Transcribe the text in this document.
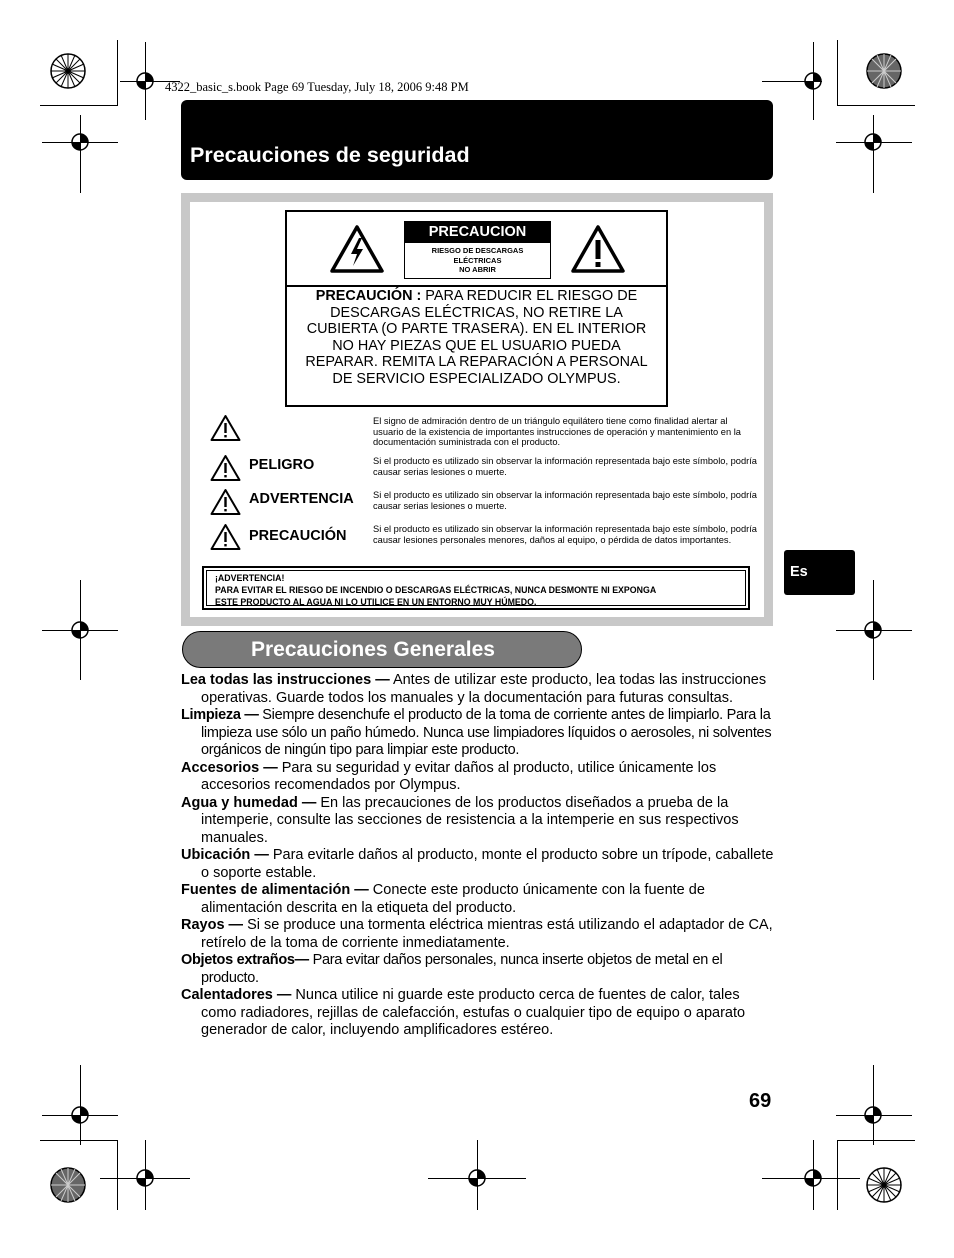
4322_basic_s.book Page 69 Tuesday, July 18, 2006 9:48 PM
Precauciones de seguridad
PRECAUCION
RIESGO DE DESCARGAS
ELÉCTRICAS
NO ABRIR
PRECAUCIÓN : PARA REDUCIR EL RIESGO DE DESCARGAS ELÉCTRICAS, NO RETIRE LA CUBIERTA (O PARTE TRASERA). EN EL INTERIOR NO HAY PIEZAS QUE EL USUARIO PUEDA REPARAR. REMITA LA REPARACIÓN A PERSONAL DE SERVICIO ESPECIALIZADO OLYMPUS.
El signo de admiración dentro de un triángulo equilátero tiene como finalidad alertar al usuario de la existencia de importantes instrucciones de operación y mantenimiento en la documentación suministrada con el producto.
PELIGRO	Si el producto es utilizado sin observar la información representada bajo este símbolo, podría causar serias lesiones o muerte.
ADVERTENCIA Si el producto es utilizado sin observar la información representada bajo este símbolo, podría causar serias lesiones o muerte.
PRECAUCIÓN	Si el producto es utilizado sin observar la información representada bajo este símbolo, podría causar lesiones personales menores, daños al equipo, o pérdida de datos importantes.
¡ADVERTENCIA!
PARA EVITAR EL RIESGO DE INCENDIO O DESCARGAS ELÉCTRICAS, NUNCA DESMONTE NI EXPONGA
ESTE PRODUCTO AL AGUA NI LO UTILICE EN UN ENTORNO MUY HÚMEDO.
Precauciones Generales
Es
Lea todas las instrucciones — Antes de utilizar este producto, lea todas las instrucciones operativas. Guarde todos los manuales y la documentación para futuras consultas.
Limpieza — Siempre desenchufe el producto de la toma de corriente antes de limpiarlo. Para la limpieza use sólo un paño húmedo. Nunca use limpiadores líquidos o aerosoles, ni solventes orgánicos de ningún tipo para limpiar este producto.
Accesorios — Para su seguridad y evitar daños al producto, utilice únicamente los accesorios recomendados por Olympus.
Agua y humedad — En las precauciones de los productos diseñados a prueba de la intemperie, consulte las secciones de resistencia a la intemperie en sus respectivos manuales.
Ubicación — Para evitarle daños al producto, monte el producto sobre un trípode, caballete o soporte estable.
Fuentes de alimentación — Conecte este producto únicamente con la fuente de alimentación descrita en la etiqueta del producto.
Rayos — Si se produce una tormenta eléctrica mientras está utilizando el adaptador de CA, retírelo de la toma de corriente inmediatamente.
Objetos extraños— Para evitar daños personales, nunca inserte objetos de metal en el producto.
Calentadores — Nunca utilice ni guarde este producto cerca de fuentes de calor, tales como radiadores, rejillas de calefacción, estufas o cualquier tipo de equipo o aparato generador de calor, incluyendo amplificadores estéreo.
69
